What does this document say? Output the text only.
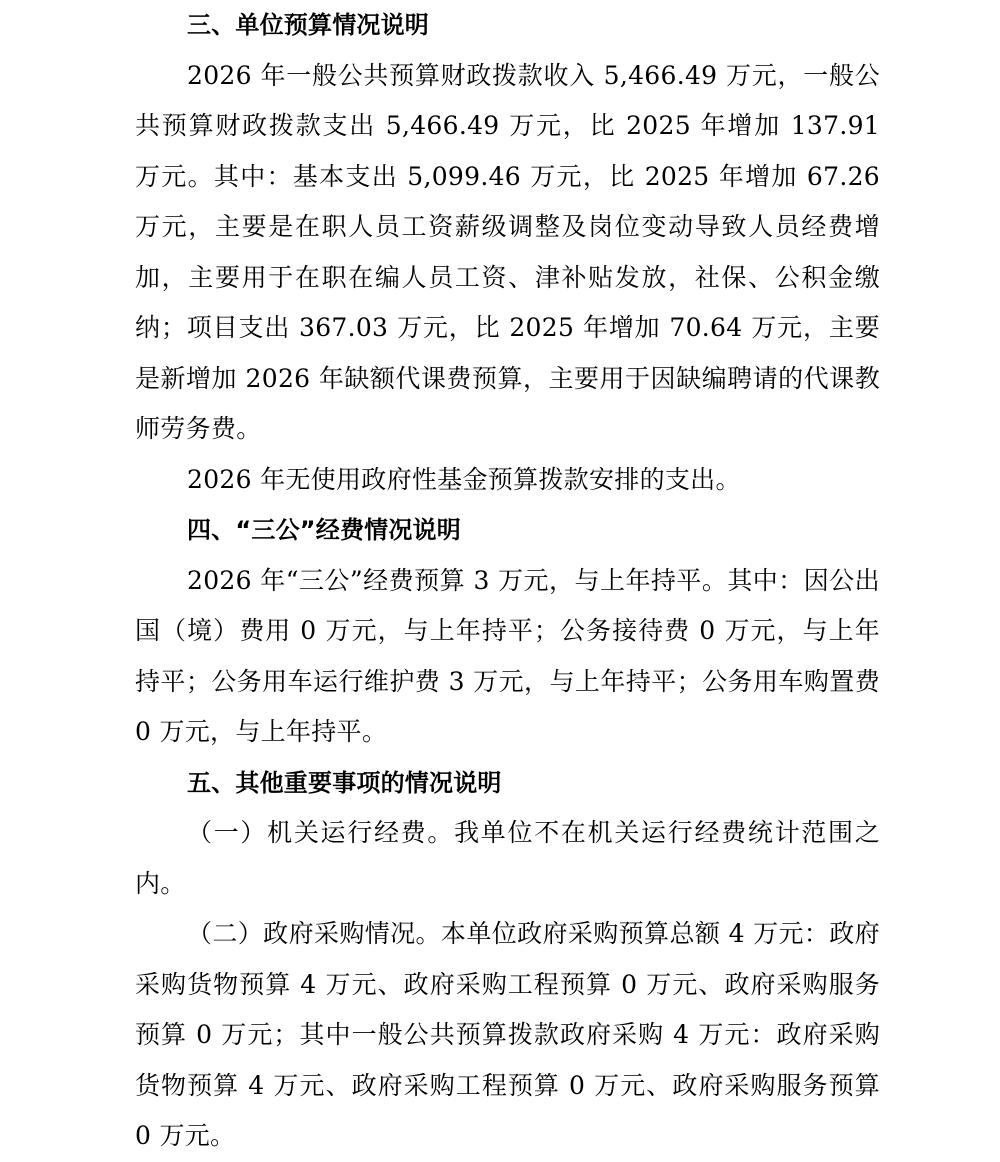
三、单位预算情况说明

2026 年一般公共预算财政拨款收入 5,466.49 万元，一般公共预算财政拨款支出 5,466.49 万元，比 2025 年增加 137.91 万元。其中：基本支出 5,099.46 万元，比 2025 年增加 67.26 万元，主要是在职人员工资薪级调整及岗位变动导致人员经费增加，主要用于在职在编人员工资、津补贴发放，社保、公积金缴纳；项目支出 367.03 万元，比 2025 年增加 70.64 万元，主要是新增加 2026 年缺额代课费预算，主要用于因缺编聘请的代课教师劳务费。

2026 年无使用政府性基金预算拨款安排的支出。

四、“三公”经费情况说明

2026 年“三公”经费预算 3 万元，与上年持平。其中：因公出国（境）费用 0 万元，与上年持平；公务接待费 0 万元，与上年持平；公务用车运行维护费 3 万元，与上年持平；公务用车购置费 0 万元，与上年持平。

五、其他重要事项的情况说明

（一）机关运行经费。我单位不在机关运行经费统计范围之内。

（二）政府采购情况。本单位政府采购预算总额 4 万元：政府采购货物预算 4 万元、政府采购工程预算 0 万元、政府采购服务预算 0 万元；其中一般公共预算拨款政府采购 4 万元：政府采购货物预算 4 万元、政府采购工程预算 0 万元、政府采购服务预算 0 万元。
